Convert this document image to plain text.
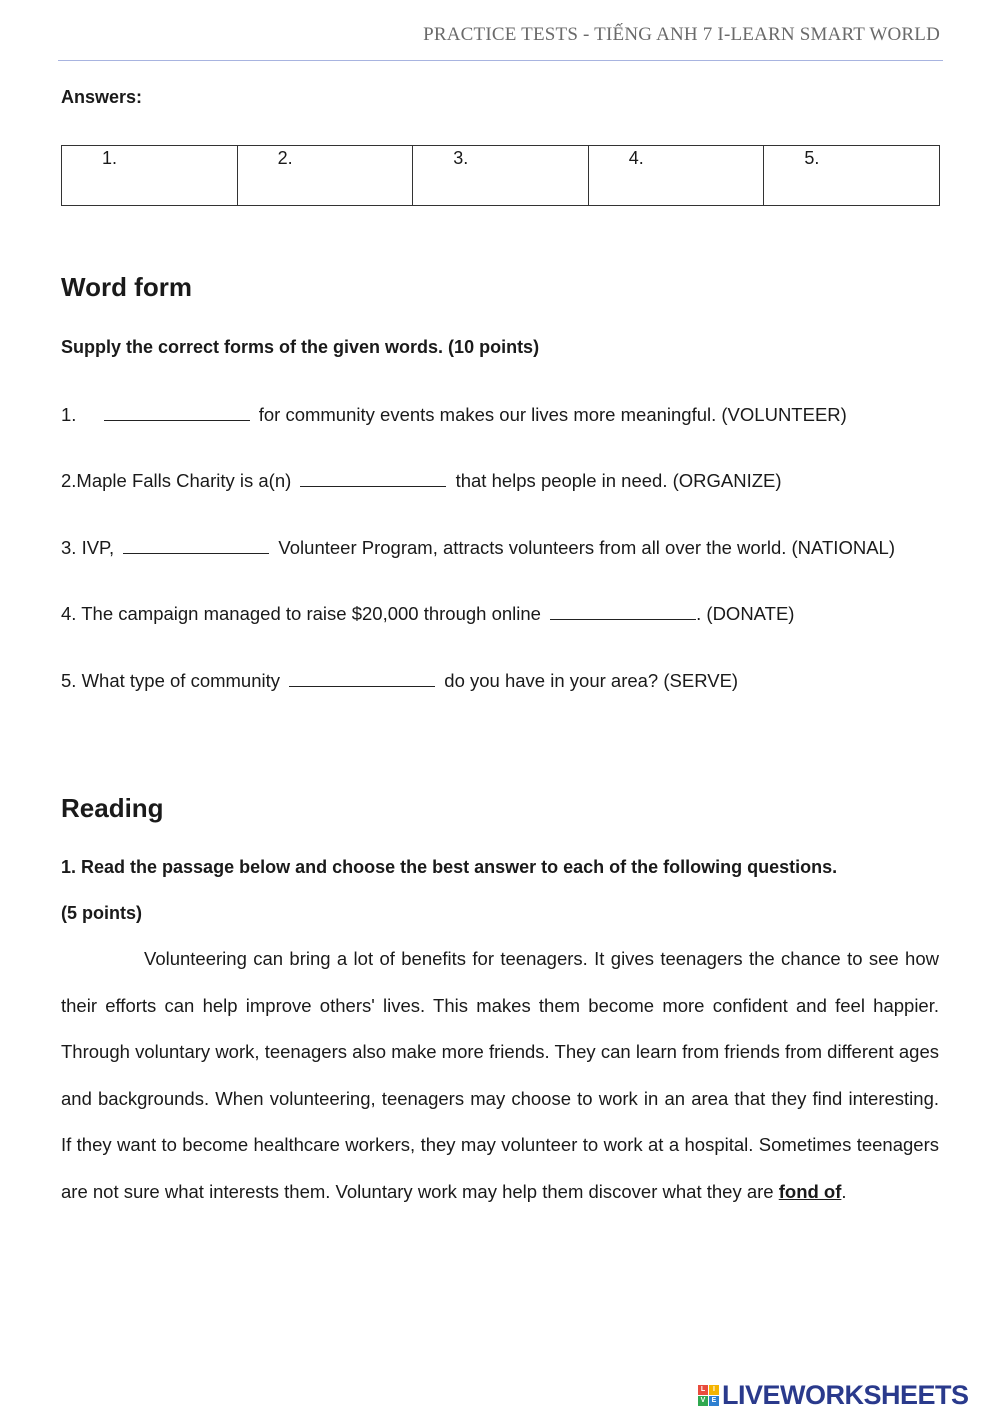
PRACTICE TESTS - TIẾNG ANH 7 I-LEARN SMART WORLD
Answers:
1.	2.	3.	4.	5.
Word form
Supply the correct forms of the given words. (10 points)
1.	for community events makes our lives more meaningful. (VOLUNTEER)
2.Maple Falls Charity is a(n)	that helps people in need. (ORGANIZE)
3. IVP,	Volunteer Program, attracts volunteers from all over the world. (NATIONAL)
4. The campaign managed to raise $20,000 through online	. (DONATE)
5. What type of community	do you have in your area? (SERVE)
Reading
1. Read the passage below and choose the best answer to each of the following questions.
(5 points)
Volunteering can bring a lot of benefits for teenagers. It gives teenagers the chance to see how their efforts can help improve others' lives. This makes them become more confident and feel happier. Through voluntary work, teenagers also make more friends. They can learn from friends from different ages and backgrounds. When volunteering, teenagers may choose to work in an area that they find interesting. If they want to become healthcare workers, they may volunteer to work at a hospital. Sometimes teenagers are not sure what interests them. Voluntary work may help them discover what they are fond of.
L	I
V E LIVEWORKSHEETS
